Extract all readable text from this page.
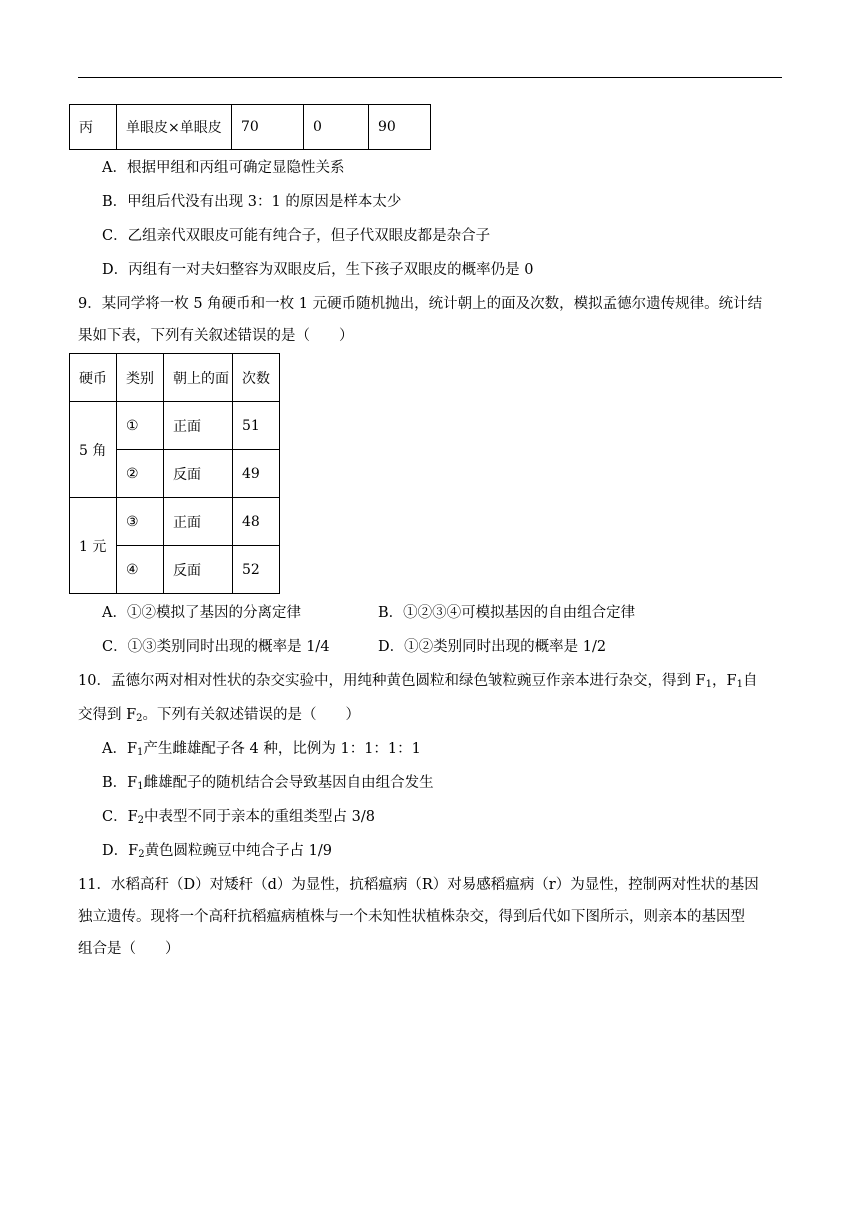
丙	单眼皮×单眼皮	70	0	90
A．根据甲组和丙组可确定显隐性关系
B．甲组后代没有出现 3：1 的原因是样本太少
C．乙组亲代双眼皮可能有纯合子，但子代双眼皮都是杂合子
D．丙组有一对夫妇整容为双眼皮后，生下孩子双眼皮的概率仍是 0
9．某同学将一枚 5 角硬币和一枚 1 元硬币随机抛出，统计朝上的面及次数，模拟孟德尔遗传规律。统计结
果如下表，下列有关叙述错误的是（　　）
硬币	类别	朝上的面	次数
5 角	①	正面	51
	②	反面	49
1 元	③	正面	48
	④	反面	52
A．①②模拟了基因的分离定律	B．①②③④可模拟基因的自由组合定律
C．①③类别同时出现的概率是 1/4	D．①②类别同时出现的概率是 1/2
10．孟德尔两对相对性状的杂交实验中，用纯种黄色圆粒和绿色皱粒豌豆作亲本进行杂交，得到 $F_1$，$F_1$自
交得到 $F_2$。下列有关叙述错误的是（　　）
A．$F_1$产生雌雄配子各 4 种，比例为 1：1：1：1
B．$F_1$雌雄配子的随机结合会导致基因自由组合发生
C．$F_2$中表型不同于亲本的重组类型占 3/8
D．$F_2$黄色圆粒豌豆中纯合子占 1/9
11．水稻高秆（D）对矮秆（d）为显性，抗稻瘟病（R）对易感稻瘟病（r）为显性，控制两对性状的基因
独立遗传。现将一个高秆抗稻瘟病植株与一个未知性状植株杂交，得到后代如下图所示，则亲本的基因型
组合是（　　）
